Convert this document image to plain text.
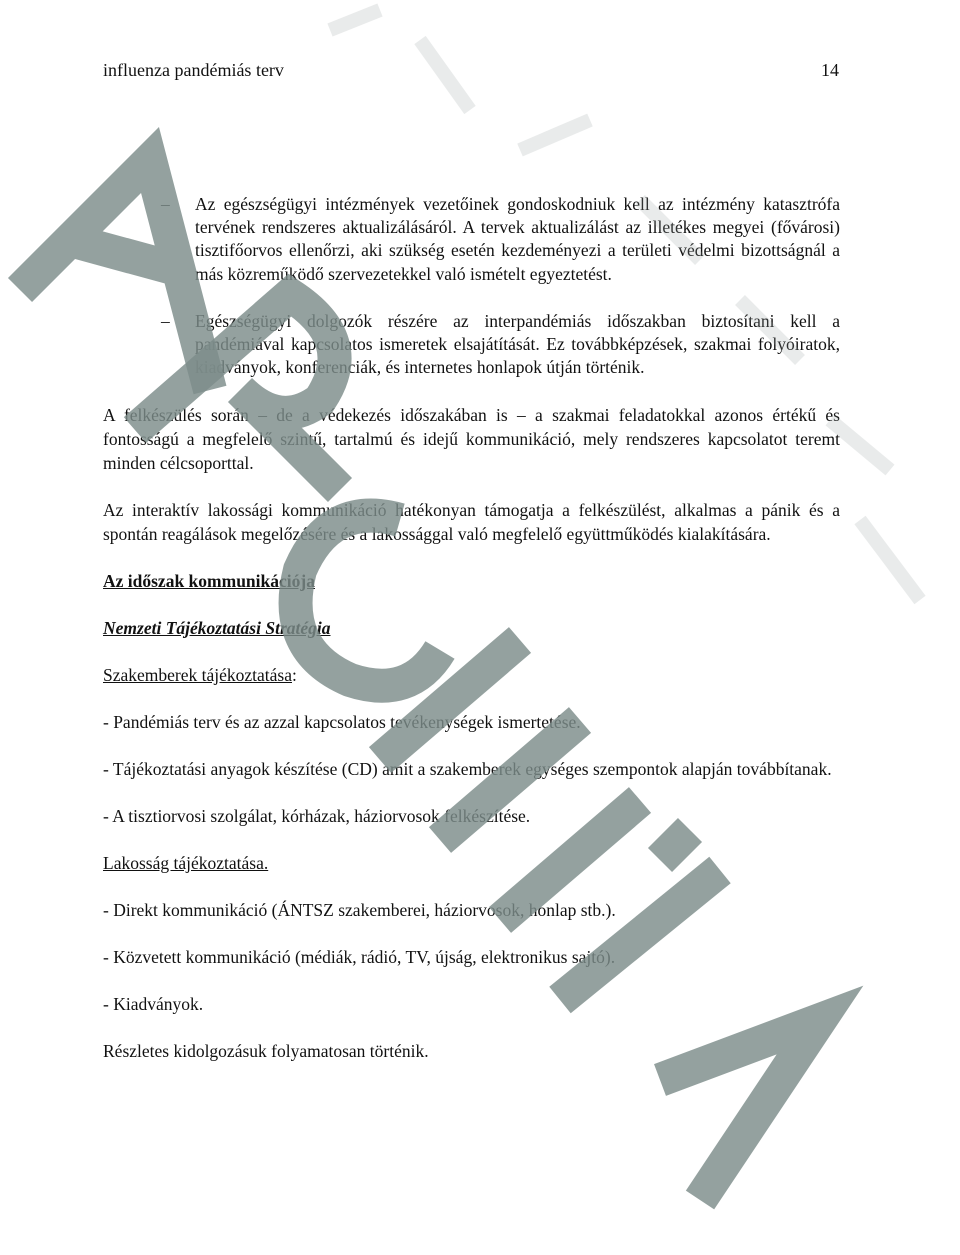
influenza pandémiás terv	14
– Az egészségügyi intézmények vezetőinek gondoskodniuk kell az intézmény katasztrófa tervének rendszeres aktualizálásáról. A tervek aktualizálást az illetékes megyei (fővárosi) tisztifőorvos ellenőrzi, aki szükség esetén kezdeményezi a területi védelmi bizottságnál a más közreműködő szervezetekkel való ismételt egyeztetést.
– Egészségügyi dolgozók részére az interpandémiás időszakban biztosítani kell a pandémiával kapcsolatos ismeretek elsajátítását. Ez továbbképzések, szakmai folyóiratok, kiadványok, konferenciák, és internetes honlapok útján történik.
A felkészülés során – de a védekezés időszakában is – a szakmai feladatokkal azonos értékű és fontosságú a megfelelő szintű, tartalmú és idejű kommunikáció, mely rendszeres kapcsolatot teremt minden célcsoporttal.
Az interaktív lakossági kommunikáció hatékonyan támogatja a felkészülést, alkalmas a pánik és a spontán reagálások megelőzésére és a lakossággal való megfelelő együttműködés kialakítására.
Az időszak kommunikációja
Nemzeti Tájékoztatási Stratégia
Szakemberek tájékoztatása:
- Pandémiás terv és az azzal kapcsolatos tevékenységek ismertetése.
- Tájékoztatási anyagok készítése (CD) amit a szakemberek egységes szempontok alapján továbbítanak.
- A tisztiorvosi szolgálat, kórházak, háziorvosok felkészítése.
Lakosság tájékoztatása.
- Direkt kommunikáció (ÁNTSZ szakemberei, háziorvosok, honlap stb.).
- Közvetett kommunikáció (médiák, rádió, TV, újság, elektronikus sajtó).
- Kiadványok.
Részletes kidolgozásuk folyamatosan történik.
